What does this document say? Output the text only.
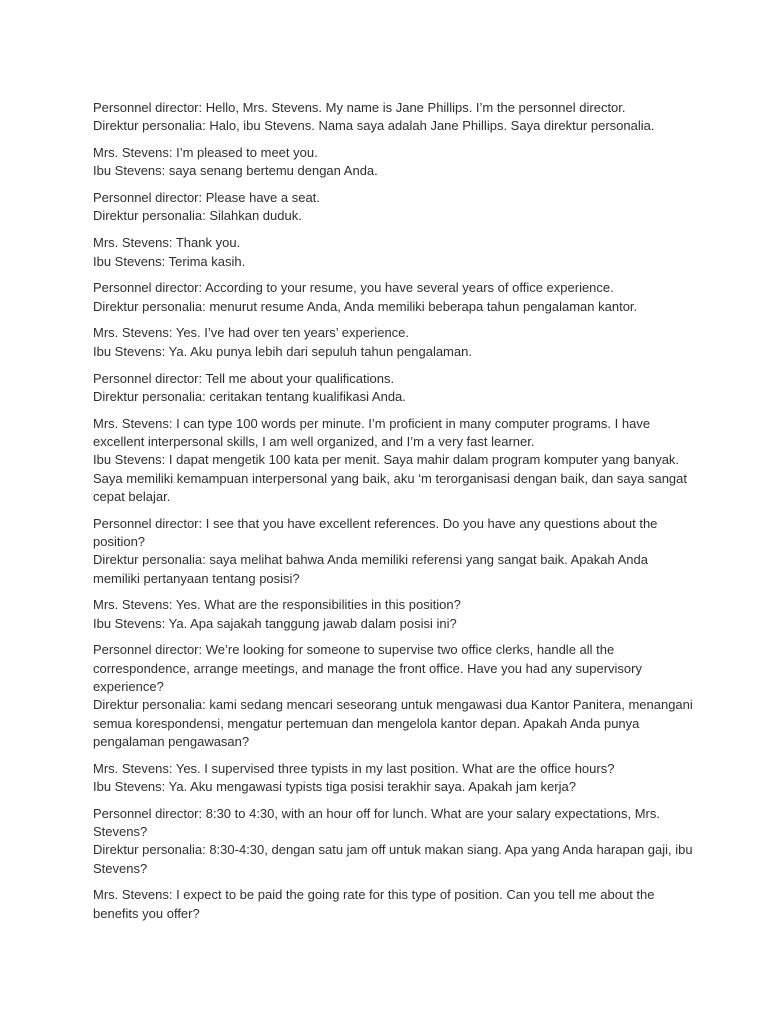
Personnel director: Hello, Mrs. Stevens. My name is Jane Phillips. I’m the personnel director.
Direktur personalia: Halo, ibu Stevens. Nama saya adalah Jane Phillips. Saya direktur personalia.
Mrs. Stevens: I’m pleased to meet you.
Ibu Stevens: saya senang bertemu dengan Anda.
Personnel director: Please have a seat.
Direktur personalia: Silahkan duduk.
Mrs. Stevens: Thank you.
Ibu Stevens: Terima kasih.
Personnel director: According to your resume, you have several years of office experience.
Direktur personalia: menurut resume Anda, Anda memiliki beberapa tahun pengalaman kantor.
Mrs. Stevens: Yes. I’ve had over ten years’ experience.
Ibu Stevens: Ya. Aku punya lebih dari sepuluh tahun pengalaman.
Personnel director: Tell me about your qualifications.
Direktur personalia: ceritakan tentang kualifikasi Anda.
Mrs. Stevens: I can type 100 words per minute. I’m proficient in many computer programs. I have excellent interpersonal skills, I am well organized, and I’m a very fast learner.
Ibu Stevens: I dapat mengetik 100 kata per menit. Saya mahir dalam program komputer yang banyak. Saya memiliki kemampuan interpersonal yang baik, aku ‘m terorganisasi dengan baik, dan saya sangat cepat belajar.
Personnel director: I see that you have excellent references. Do you have any questions about the position?
Direktur personalia: saya melihat bahwa Anda memiliki referensi yang sangat baik. Apakah Anda memiliki pertanyaan tentang posisi?
Mrs. Stevens: Yes. What are the responsibilities in this position?
Ibu Stevens: Ya. Apa sajakah tanggung jawab dalam posisi ini?
Personnel director: We’re looking for someone to supervise two office clerks, handle all the correspondence, arrange meetings, and manage the front office. Have you had any supervisory experience?
Direktur personalia: kami sedang mencari seseorang untuk mengawasi dua Kantor Panitera, menangani semua korespondensi, mengatur pertemuan dan mengelola kantor depan. Apakah Anda punya pengalaman pengawasan?
Mrs. Stevens: Yes. I supervised three typists in my last position. What are the office hours?
Ibu Stevens: Ya. Aku mengawasi typists tiga posisi terakhir saya. Apakah jam kerja?
Personnel director: 8:30 to 4:30, with an hour off for lunch. What are your salary expectations, Mrs. Stevens?
Direktur personalia: 8:30-4:30, dengan satu jam off untuk makan siang. Apa yang Anda harapan gaji, ibu Stevens?
Mrs. Stevens: I expect to be paid the going rate for this type of position. Can you tell me about the benefits you offer?
